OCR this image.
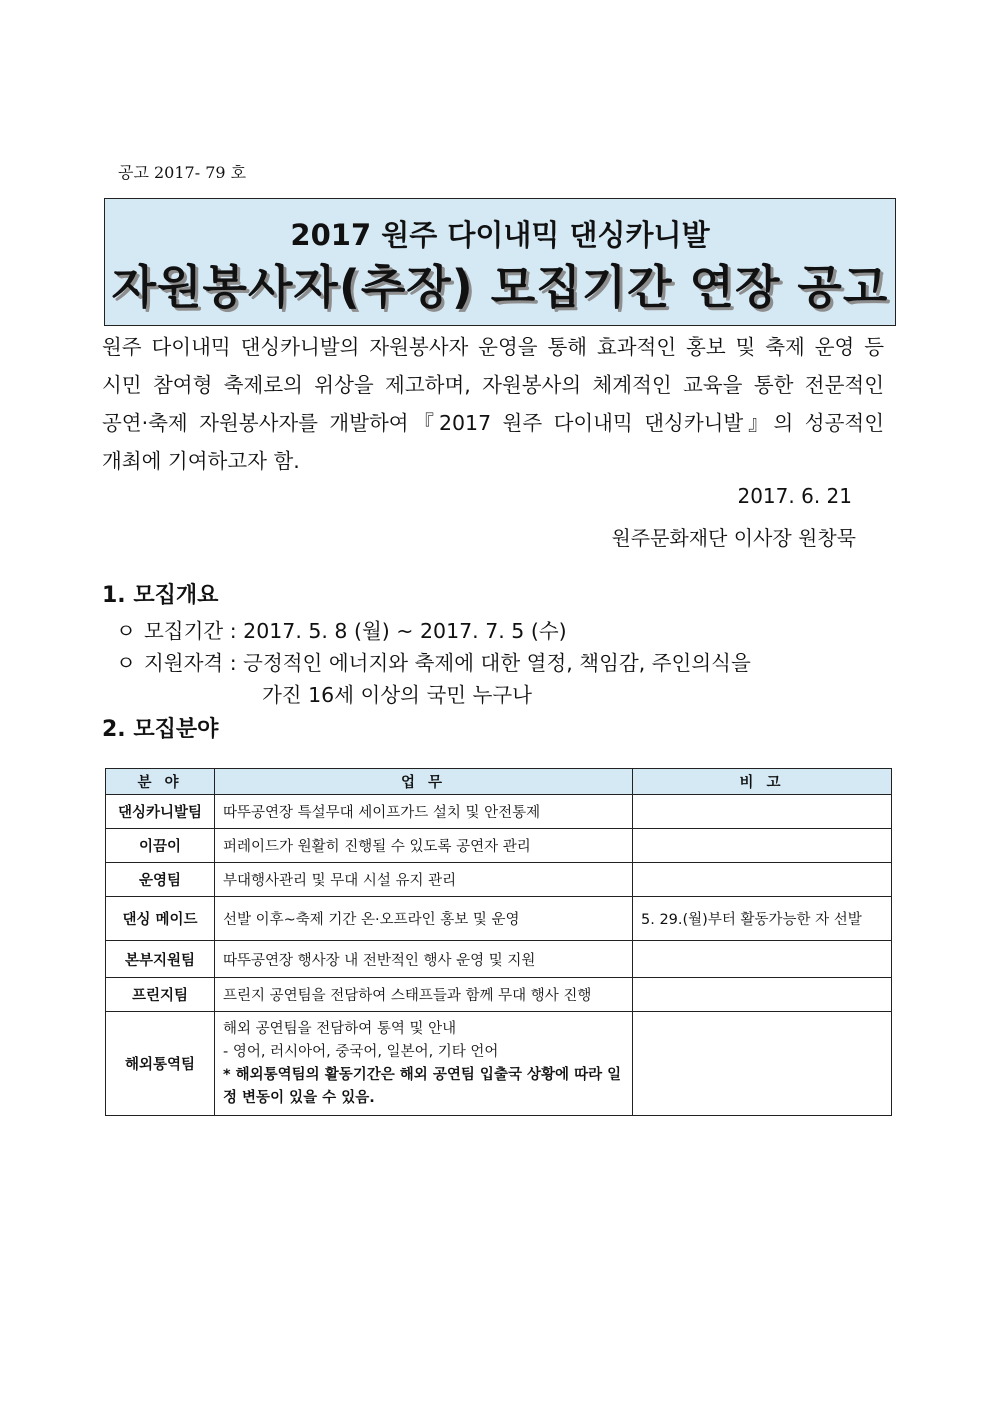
공고 2017- 79 호
2017 원주 다이내믹 댄싱카니발
자원봉사자(추장) 모집기간 연장 공고
원주 다이내믹 댄싱카니발의 자원봉사자 운영을 통해 효과적인 홍보 및 축제 운영 등 시민 참여형 축제로의 위상을 제고하며, 자원봉사의 체계적인 교육을 통한 전문적인 공연·축제 자원봉사자를 개발하여『2017 원주 다이내믹 댄싱카니발』의 성공적인 개최에 기여하고자 함.
2017. 6. 21
원주문화재단 이사장 원창묵
1. 모집개요
ㅇ 모집기간 : 2017. 5. 8 (월) ~ 2017. 7. 5 (수)
ㅇ 지원자격 : 긍정적인 에너지와 축제에 대한 열정, 책임감, 주인의식을
가진 16세 이상의 국민 누구나
2. 모집분야
분 야	업 무	비 고
댄싱카니발팀	따뚜공연장 특설무대 세이프가드 설치 및 안전통제	
이끔이	퍼레이드가 원활히 진행될 수 있도록 공연자 관리	
운영팀	부대행사관리 및 무대 시설 유지 관리	
댄싱 메이드	선발 이후~축제 기간 온·오프라인 홍보 및 운영	5. 29.(월)부터 활동가능한 자 선발
본부지원팀	따뚜공연장 행사장 내 전반적인 행사 운영 및 지원	
프린지팀	프린지 공연팀을 전담하여 스태프들과 함께 무대 행사 진행	
해외통역팀	해외 공연팀을 전담하여 통역 및 안내
- 영어, 러시아어, 중국어, 일본어, 기타 언어
* 해외통역팀의 활동기간은 해외 공연팀 입출국 상황에 따라 일정 변동이 있을 수 있음.	
